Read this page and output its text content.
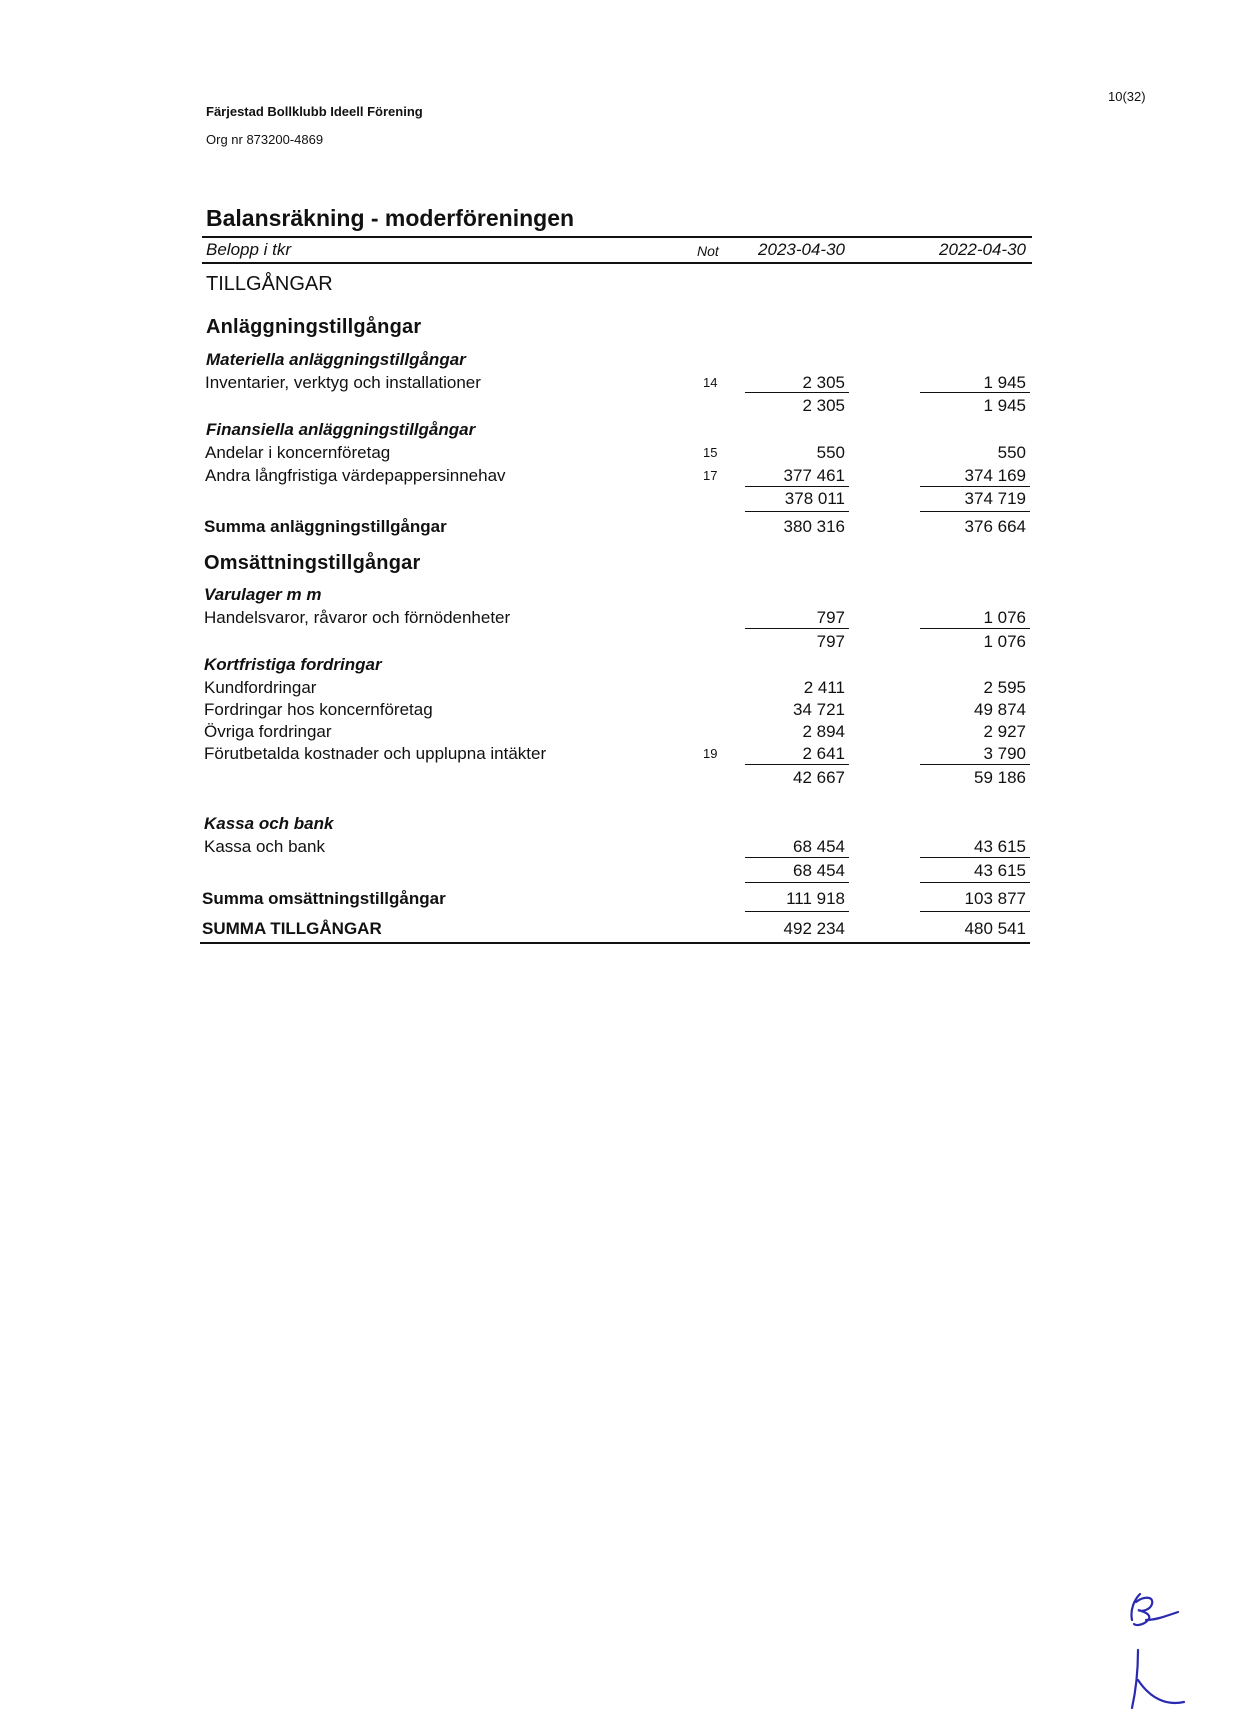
Färjestad Bollklubb Ideell Förening
Org nr 873200-4869
10(32)
Balansräkning - moderföreningen
Belopp i tkr	Not	2023-04-30	2022-04-30
TILLGÅNGAR
Anläggningstillgångar
Materiella anläggningstillgångar
Inventarier, verktyg och installationer	14	2 305	1 945
2 305	1 945
Finansiella anläggningstillgångar
Andelar i koncernföretag	15	550	550
Andra långfristiga värdepappersinnehav	17	377 461	374 169
378 011	374 719
Summa anläggningstillgångar	380 316	376 664
Omsättningstillgångar
Varulager m m
Handelsvaror, råvaror och förnödenheter	797	1 076
797	1 076
Kortfristiga fordringar
Kundfordringar	2 411	2 595
Fordringar hos koncernföretag	34 721	49 874
Övriga fordringar	2 894	2 927
Förutbetalda kostnader och upplupna intäkter	19	2 641	3 790
42 667	59 186
Kassa och bank
Kassa och bank	68 454	43 615
68 454	43 615
Summa omsättningstillgångar	111 918	103 877
SUMMA TILLGÅNGAR	492 234	480 541
